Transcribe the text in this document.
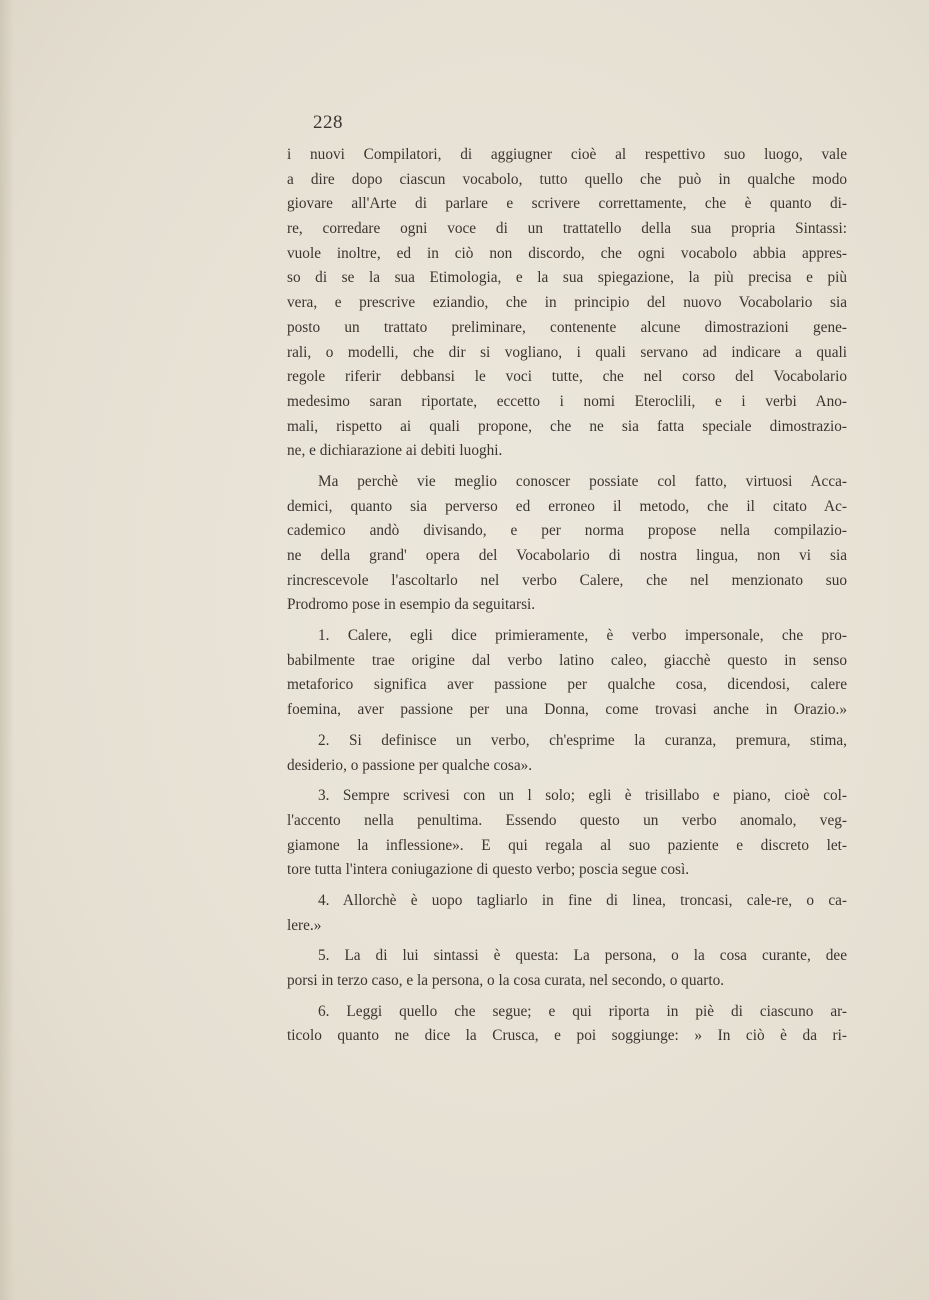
228
i nuovi Compilatori, di aggiugner cioè al respettivo suo luogo, vale
a dire dopo ciascun vocabolo, tutto quello che può in qualche modo
giovare all'Arte di parlare e scrivere correttamente, che è quanto di-
re, corredare ogni voce di un trattatello della sua propria Sintassi:
vuole inoltre, ed in ciò non discordo, che ogni vocabolo abbia appres-
so di se la sua Etimologia, e la sua spiegazione, la più precisa e più
vera, e prescrive eziandio, che in principio del nuovo Vocabolario sia
posto un trattato preliminare, contenente alcune dimostrazioni gene-
rali, o modelli, che dir si vogliano, i quali servano ad indicare a quali
regole riferir debbansi le voci tutte, che nel corso del Vocabolario
medesimo saran riportate, eccetto i nomi Eteroclili, e i verbi Ano-
mali, rispetto ai quali propone, che ne sia fatta speciale dimostrazio-
ne, e dichiarazione ai debiti luoghi.
Ma perchè vie meglio conoscer possiate col fatto, virtuosi Acca-
demici, quanto sia perverso ed erroneo il metodo, che il citato Ac-
cademico andò divisando, e per norma propose nella compilazio-
ne della grand' opera del Vocabolario di nostra lingua, non vi sia
rincrescevole l'ascoltarlo nel verbo Calere, che nel menzionato suo
Prodromo pose in esempio da seguitarsi.
1. Calere, egli dice primieramente, è verbo impersonale, che pro-
babilmente trae origine dal verbo latino caleo, giacchè questo in senso
metaforico significa aver passione per qualche cosa, dicendosi, calere
foemina, aver passione per una Donna, come trovasi anche in Orazio.»
2. Si definisce un verbo, ch'esprime la curanza, premura, stima,
desiderio, o passione per qualche cosa».
3. Sempre scrivesi con un l solo; egli è trisillabo e piano, cioè col-
l'accento nella penultima. Essendo questo un verbo anomalo, veg-
giamone la inflessione». E qui regala al suo paziente e discreto let-
tore tutta l'intera coniugazione di questo verbo; poscia segue così.
4. Allorchè è uopo tagliarlo in fine di linea, troncasi, cale-re, o ca-
lere.»
5. La di lui sintassi è questa: La persona, o la cosa curante, dee
porsi in terzo caso, e la persona, o la cosa curata, nel secondo, o quarto.
6. Leggi quello che segue; e qui riporta in piè di ciascuno ar-
ticolo quanto ne dice la Crusca, e poi soggiunge: » In ciò è da ri-
